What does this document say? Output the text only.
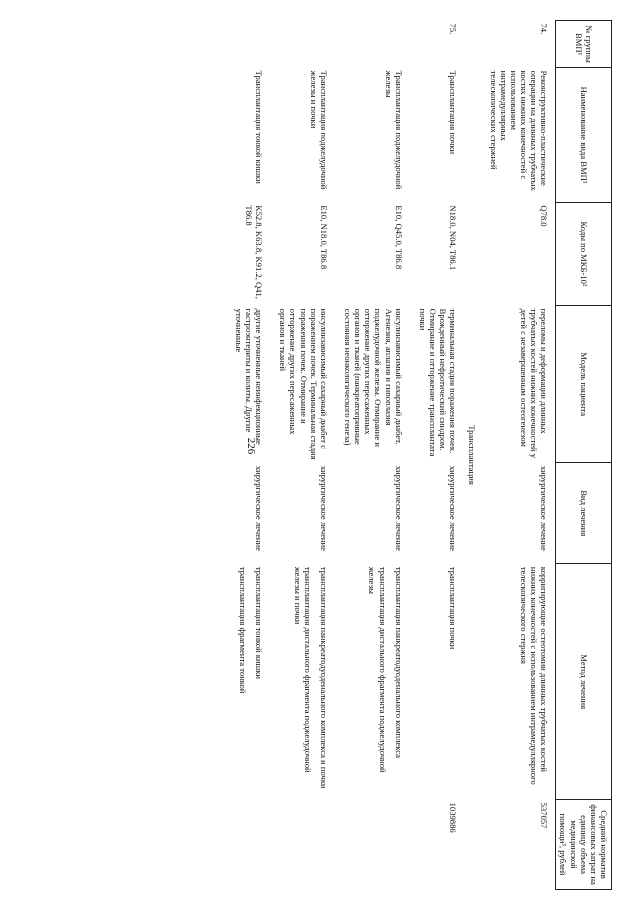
226
№ группы ВМП¹	Наименование вида ВМП¹	Коды по МКБ-10²	Модель пациента	Вид лечения	Метод лечения	Средний норматив финансовых затрат на единицу объема медицинской помощи³, рублей
74.	Реконструктивно-пластические операции на длинных трубчатых костях нижних конечностей с использованием интрамедуллярных телескопических стержней	Q78.0	переломы и деформации длинных трубчатых костей нижних конечностей у детей с незавершенным остеогенезом	хирургическое лечение	корригирующие остеотомии длинных трубчатых костей нижних конечностей с использованием интрамедуллярного телескопического стержня	537057
Трансплантация						
75.	Трансплантация почки	N18.0, N04, T86.1	терминальная стадия поражения почек. Врожденный нефротический синдром. Отмирание и отторжение трансплантата почки	хирургическое лечение	трансплантация почки	1039886
	Трансплантация поджелудочной железы	E10, Q45.0, T86.8	инсулинзависимый сахарный диабет. Агенезия, аплазия и гипоплазия поджелудочной железы. Отмирание и отторжение других пересаженных органов и тканей (панкреатопривные состояния неонкологического генеза)	хирургическое лечение	трансплантация панкреатодуоденального комплекса
трансплантация дистального фрагмента поджелудочной железы	

	Трансплантация поджелудочной железы и почки	E10, N18.0, T86.8	инсулинзависимый сахарный диабет с поражением почек. Терминальная стадия поражения почек. Отмирание и отторжение других пересаженных органов и тканей	хирургическое лечение	трансплантация панкреатодуоденального комплекса и почки
трансплантация дистального фрагмента поджелудочной железы и почки	

	Трансплантация тонкой кишки	K52.8, K63.8, K91.2, Q41, T86.8	другие уточненные неинфекционные гастроэнтериты и колиты. Другие уточненные	хирургическое лечение	трансплантация тонкой кишки
трансплантация фрагмента тонкой	
